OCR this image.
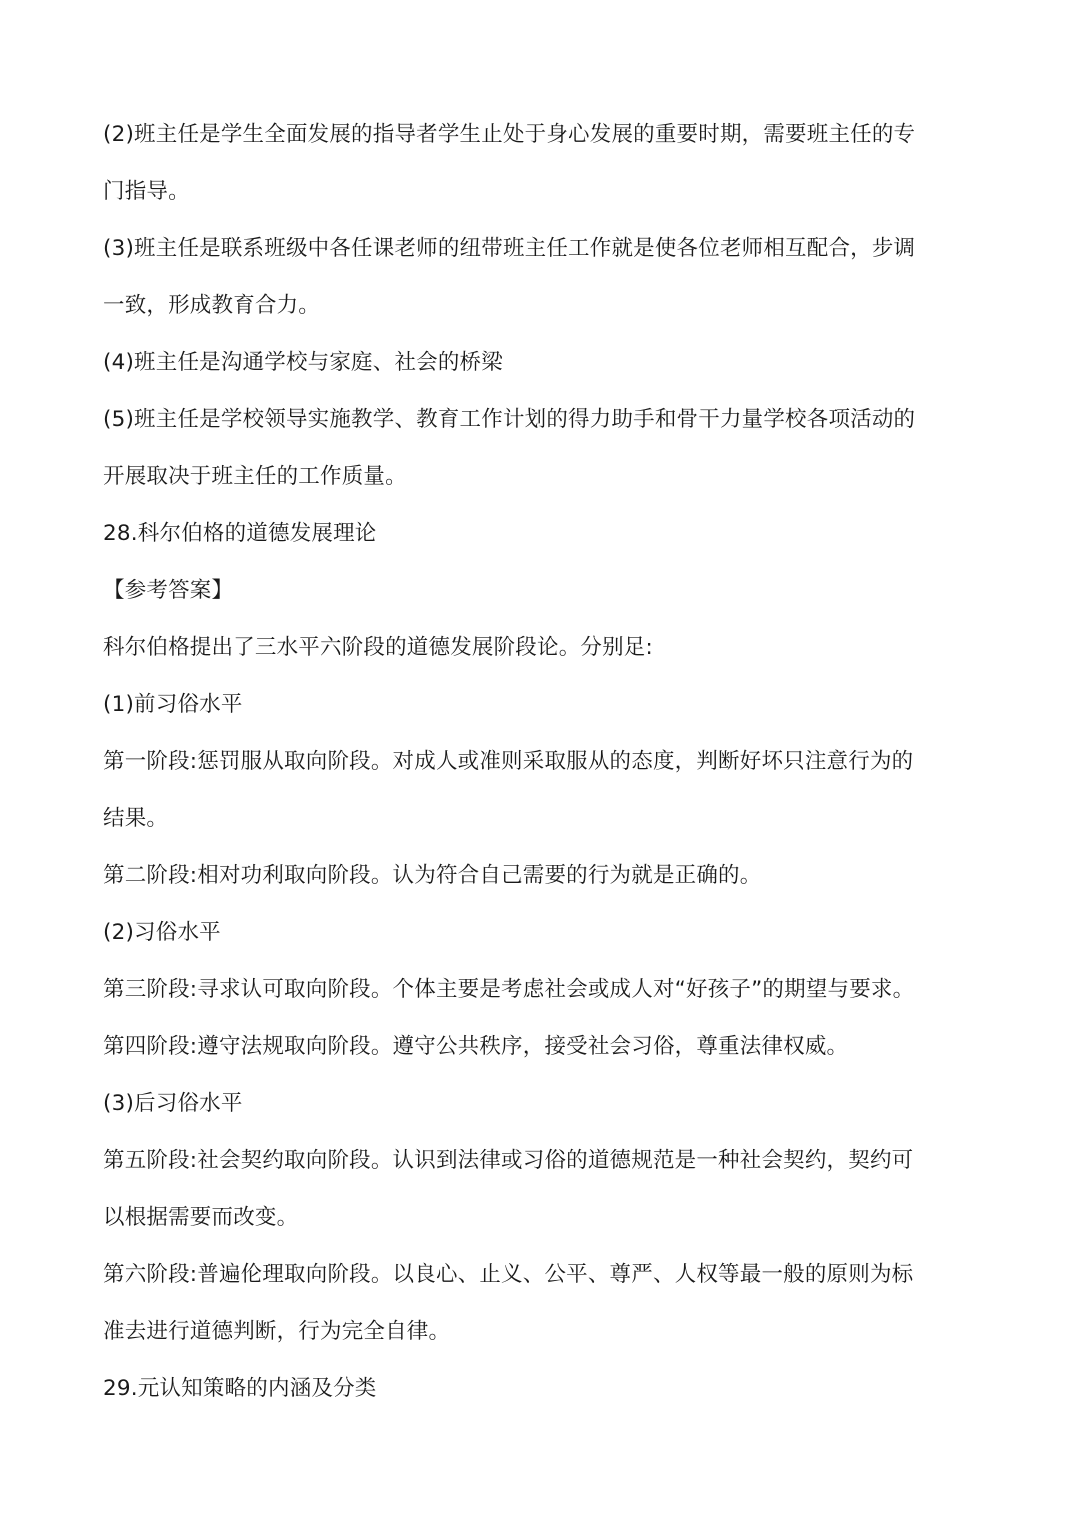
(2)班主任是学生全面发展的指导者学生止处于身心发展的重要时期，需要班主任的专
门指导。
(3)班主任是联系班级中各任课老师的纽带班主任工作就是使各位老师相互配合，步调
一致，形成教育合力。
(4)班主任是沟通学校与家庭、社会的桥梁
(5)班主任是学校领导实施教学、教育工作计划的得力助手和骨干力量学校各项活动的
开展取决于班主任的工作质量。
28.科尔伯格的道德发展理论
【参考答案】
科尔伯格提出了三水平六阶段的道德发展阶段论。分别足:
(1)前习俗水平
第一阶段:惩罚服从取向阶段。对成人或准则采取服从的态度，判断好坏只注意行为的
结果。
第二阶段:相对功利取向阶段。认为符合自己需要的行为就是正确的。
(2)习俗水平
第三阶段:寻求认可取向阶段。个体主要是考虑社会或成人对“好孩子”的期望与要求。
第四阶段:遵守法规取向阶段。遵守公共秩序，接受社会习俗，尊重法律权威。
(3)后习俗水平
第五阶段:社会契约取向阶段。认识到法律或习俗的道德规范是一种社会契约，契约可
以根据需要而改变。
第六阶段:普遍伦理取向阶段。以良心、止义、公平、尊严、人权等最一般的原则为标
准去进行道德判断，行为完全自律。
29.元认知策略的内涵及分类
